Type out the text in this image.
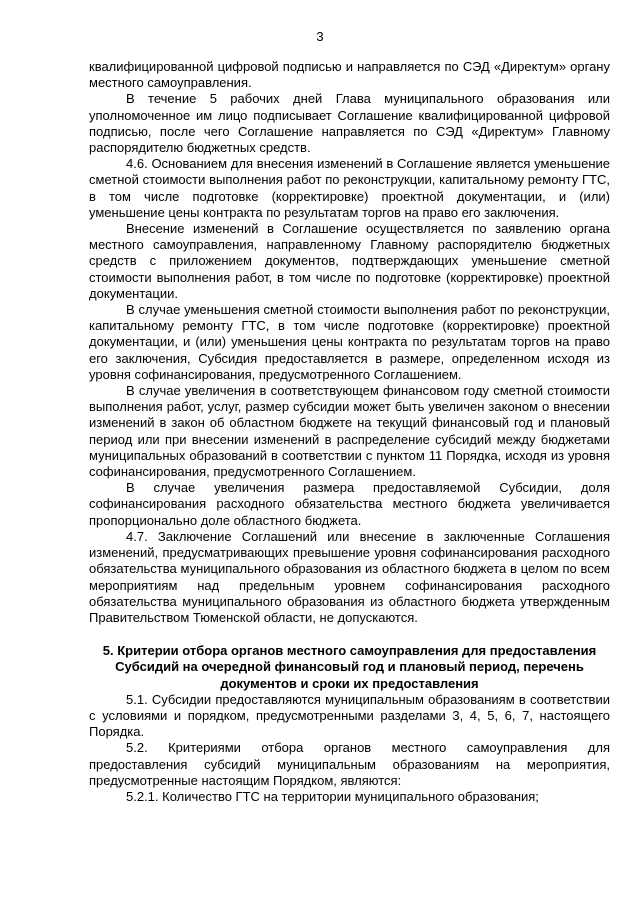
3

квалифицированной цифровой подписью и направляется по СЭД «Директум» органу местного самоуправления.

В течение 5 рабочих дней Глава муниципального образования или уполномоченное им лицо подписывает Соглашение квалифицированной цифровой подписью, после чего Соглашение направляется по СЭД «Директум» Главному распорядителю бюджетных средств.

4.6. Основанием для внесения изменений в Соглашение является уменьшение сметной стоимости выполнения работ по реконструкции, капитальному ремонту ГТС, в том числе подготовке (корректировке) проектной документации, и (или) уменьшение цены контракта по результатам торгов на право его заключения.

Внесение изменений в Соглашение осуществляется по заявлению органа местного самоуправления, направленному Главному распорядителю бюджетных средств с приложением документов, подтверждающих уменьшение сметной стоимости выполнения работ, в том числе по подготовке (корректировке) проектной документации.

В случае уменьшения сметной стоимости выполнения работ по реконструкции, капитальному ремонту ГТС, в том числе подготовке (корректировке) проектной документации, и (или) уменьшения цены контракта по результатам торгов на право его заключения, Субсидия предоставляется в размере, определенном исходя из уровня софинансирования, предусмотренного Соглашением.

В случае увеличения в соответствующем финансовом году сметной стоимости выполнения работ, услуг, размер субсидии может быть увеличен законом о внесении изменений в закон об областном бюджете на текущий финансовый год и плановый период или при внесении изменений в распределение субсидий между бюджетами муниципальных образований в соответствии с пунктом 11 Порядка, исходя из уровня софинансирования, предусмотренного Соглашением.

В случае увеличения размера предоставляемой Субсидии, доля софинансирования расходного обязательства местного бюджета увеличивается пропорционально доле областного бюджета.

4.7. Заключение Соглашений или внесение в заключенные Соглашения изменений, предусматривающих превышение уровня софинансирования расходного обязательства муниципального образования из областного бюджета в целом по всем мероприятиям над предельным уровнем софинансирования расходного обязательства муниципального образования из областного бюджета утвержденным Правительством Тюменской области, не допускаются.

5. Критерии отбора органов местного самоуправления для предоставления Субсидий на очередной финансовый год и плановый период, перечень документов и сроки их предоставления

5.1. Субсидии предоставляются муниципальным образованиям в соответствии с условиями и порядком, предусмотренными разделами 3, 4, 5, 6, 7, настоящего Порядка.

5.2. Критериями отбора органов местного самоуправления для предоставления субсидий муниципальным образованиям на мероприятия, предусмотренные настоящим Порядком, являются:

5.2.1. Количество ГТС на территории муниципального образования;
